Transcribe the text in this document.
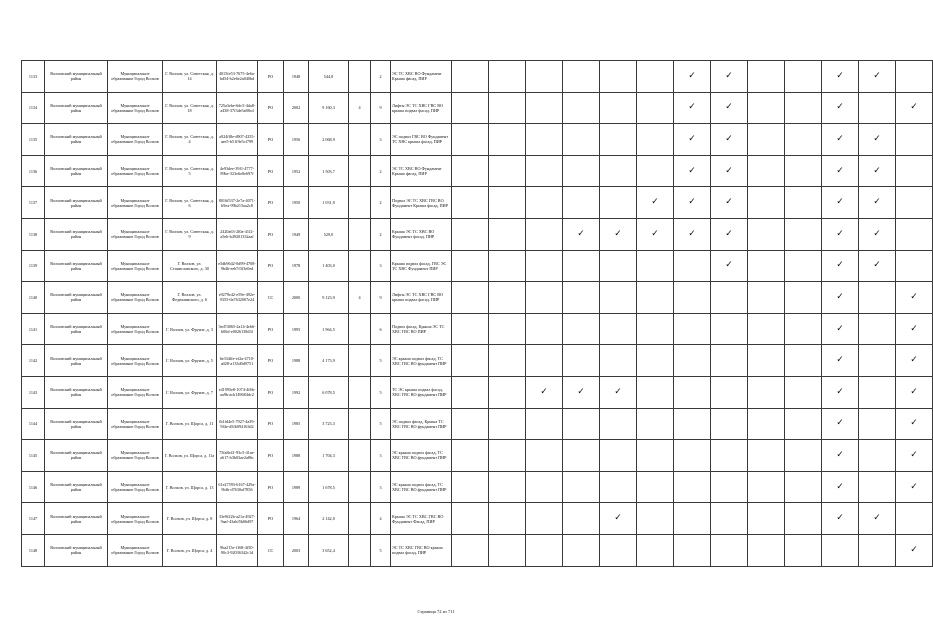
1133	Волховский муниципальный район	Муниципальное образование Город Волхов	Г. Волхов, ул. Советская, д. 14	4015fe53-7675-4e6a-bd54-b2e6e2a840bd	РО	1948	544,8		2	ЭС ТС ХВС ВО Фундамент Крыша фасад, ПИР							✓	✓			✓	✓	
1134	Волховский муниципальный район	Муниципальное образование Город Волхов	Г. Волхов, ул. Советская, д. 18	725a3ebe-6dc5-4da8-a438-37f3de5a88cd	РО	2002	9 160,3	4	9	Лифты ЭС ТС ХВС ГВС ВО крыша подвал фасад, ПИР							✓	✓			✓		✓
1135	Волховский муниципальный район	Муниципальное образование Город Волхов	Г. Волхов, ул. Советская, д. 4	a924ff8e-d907-4255-aee5-b51f9e5cf799	РО	1956	2 068,9		3	ЭС подвал ГВС ВО Фундамент ТС ХВС крыша фасад, ПИР							✓	✓			✓	✓	
1136	Волховский муниципальный район	Муниципальное образование Город Волхов	Г. Волхов, ул. Советская, д. 5	4e93dee-39f1-4777-89be-323e6e8e697f	РО	1952	1 503,7		2	ЭС ТС ХВС ВО Фундамент Крыша фасад, ПИР							✓	✓			✓	✓	
1137	Волховский муниципальный район	Муниципальное образование Город Волхов	Г. Волхов, ул. Советская, д. 6	8016f537-2e7a-4071-b9ea-99b215aa2c8	РО	1950	1 031,9		2	Подвал ЭС ТС ХВС ГВС ВО Фундамент Крыша фасад, ПИР						✓	✓	✓			✓	✓	
1138	Волховский муниципальный район	Муниципальное образование Город Волхов	Г. Волхов, ул. Советская, д. 9	2420a63-2f0a-41f2-a5eb-b49201332aaf	РО	1949	529,0		2	Крыша ЭС ТС ХВС ВО Фундамент фасад, ПИР				✓	✓	✓	✓	✓			✓	✓	
1139	Волховский муниципальный район	Муниципальное образование Город Волхов	Г. Волхов, ул. Станиславского, д. 30	e5db9642-0d99-4708-9b4b-eeb7f3f3e0ed	РО	1978	1 403,0		3	Крыша подвал фасад, ГВС ЭС ТС ХВС Фундамент ПИР								✓			✓	✓	
1140	Волховский муниципальный район	Муниципальное образование Город Волхов	Г. Волхов, ул. Федюнинского, д. 6	e9279e42-e59e-492e-9355-0a7632007e24	СС	2000	9 123,9	4	9	Лифты ЭС ТС ХВС ГВС ВО крыша подвал фасад, ПИР											✓		✓
1141	Волховский муниципальный район	Муниципальное образование Город Волхов	Г. Волхов, ул. Фрунзе, д. 3	3ed74065-2a14-4eb6-b06d-e0026138d3f	РО	1995	1 964,5		6	Подвал фасад, Крыша ЭС ТС ХВС ГВС ВО ПИР											✓		✓
1142	Волховский муниципальный район	Муниципальное образование Город Волхов	Г. Волхов, ул. Фрунзе, д. 5	6e334ffe-ef2a-4710-a028-a133d0d9751	РО	1988	4 173,9		5	ЭС крыша подвал фасад, ТС ХВС ГВС ВО фундамент ПИР											✓		✓
1143	Волховский муниципальный район	Муниципальное образование Город Волхов	Г. Волхов, ул. Фрунзе, д. 7	e41995e8-1074-4f6b-aa9b-acb149684dc2	РО	1992	6 078,5		5	ТС ЭС крыша подвал фасад, ХВС ГВС ВО фундамент ПИР			✓	✓	✓						✓		✓
1144	Волховский муниципальный район	Муниципальное образование Город Волхов	Г. Волхов, ул. Щорса, д. 11	fb1fd4e5-7927-4a39-9f4e-d5fb094163d2	РО	1985	3 723,3		5	ЭС подвал фасад, Крыша ТС ХВС ГВС ВО фундамент ПИР											✓		✓
1145	Волховский муниципальный район	Муниципальное образование Город Волхов	Г. Волхов, ул. Щорса, д. 11а	75fa8e41-93c5-41ae-a617-b3b03ae2a86c	РО	1988	1 704,3		3	ЭС крыша подвал фасад, ТС ХВС ГВС ВО фундамент ПИР											✓		✓
1146	Волховский муниципальный район	Муниципальное образование Город Волхов	Г. Волхов, ул. Щорса, д. 13	61e27593-6167-429a-9bfb-d7630af7856	РО	1989	1 678,5		3	ЭС крыша подвал фасад, ТС ХВС ГВС ВО фундамент ПИР											✓		✓
1147	Волховский муниципальный район	Муниципальное образование Город Волхов	Г. Волхов, ул. Щорса, д. 8	33e9f22b-a21a-4927-9aaf-43abf5b06d97	РО	1964	2 142,0		4	Крыша ЭС ТС ХВС ГВС ВО Фундамент Фасад, ПИР					✓						✓	✓	
1148	Волховский муниципальный район	Муниципальное образование Город Волхов	Г. Волхов, ул. Щорса, д. 4	9ba215e-f168-4f50-90c3-92036342c1d	СС	2003	3 652,4		5	ЭС ТС ХВС ГВС ВО крыша подвал фасад, ПИР													✓
Страница 72 из 711
